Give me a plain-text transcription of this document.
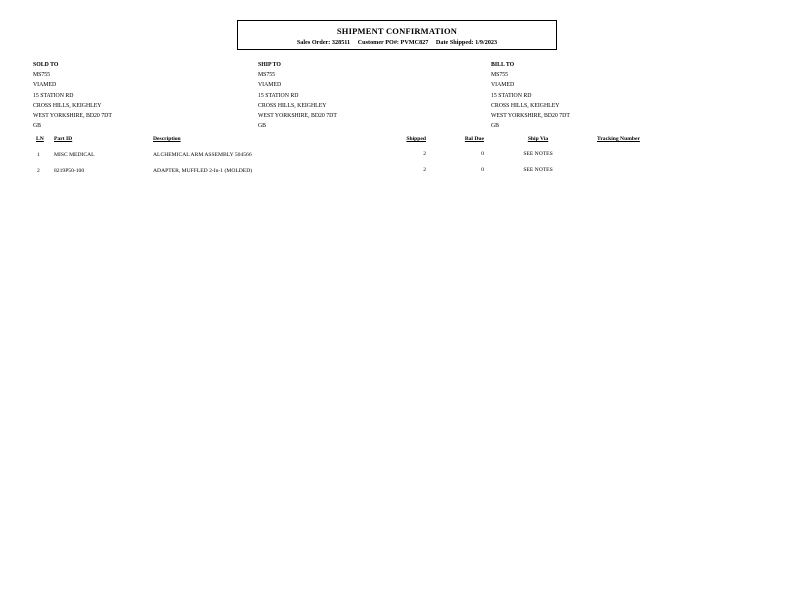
SHIPMENT CONFIRMATION
Sales Order: 328511 Customer PO#: PVMC827 Date Shipped: 1/9/2023
SOLD TO
MS755
VIAMED
15 STATION RD
CROSS HILLS, KEIGHLEY
WEST YORKSHIRE, BD20 7DT
GB
SHIP TO
MS755
VIAMED
15 STATION RD
CROSS HILLS, KEIGHLEY
WEST YORKSHIRE, BD20 7DT
GB
BILL TO
MS755
VIAMED
15 STATION RD
CROSS HILLS, KEIGHLEY
WEST YORKSHIRE, BD20 7DT
GB
LN Part ID	Description	Shipped	Bal Due	Ship Via	Tracking Number
1	MISC MEDICAL	ALCHEMICAL ARM ASSEMBLY 504566	2	0	SEE NOTES
2	8219P50-100	ADAPTER, MUFFLED 2-In-1 (MOLDED)	2	0	SEE NOTES
